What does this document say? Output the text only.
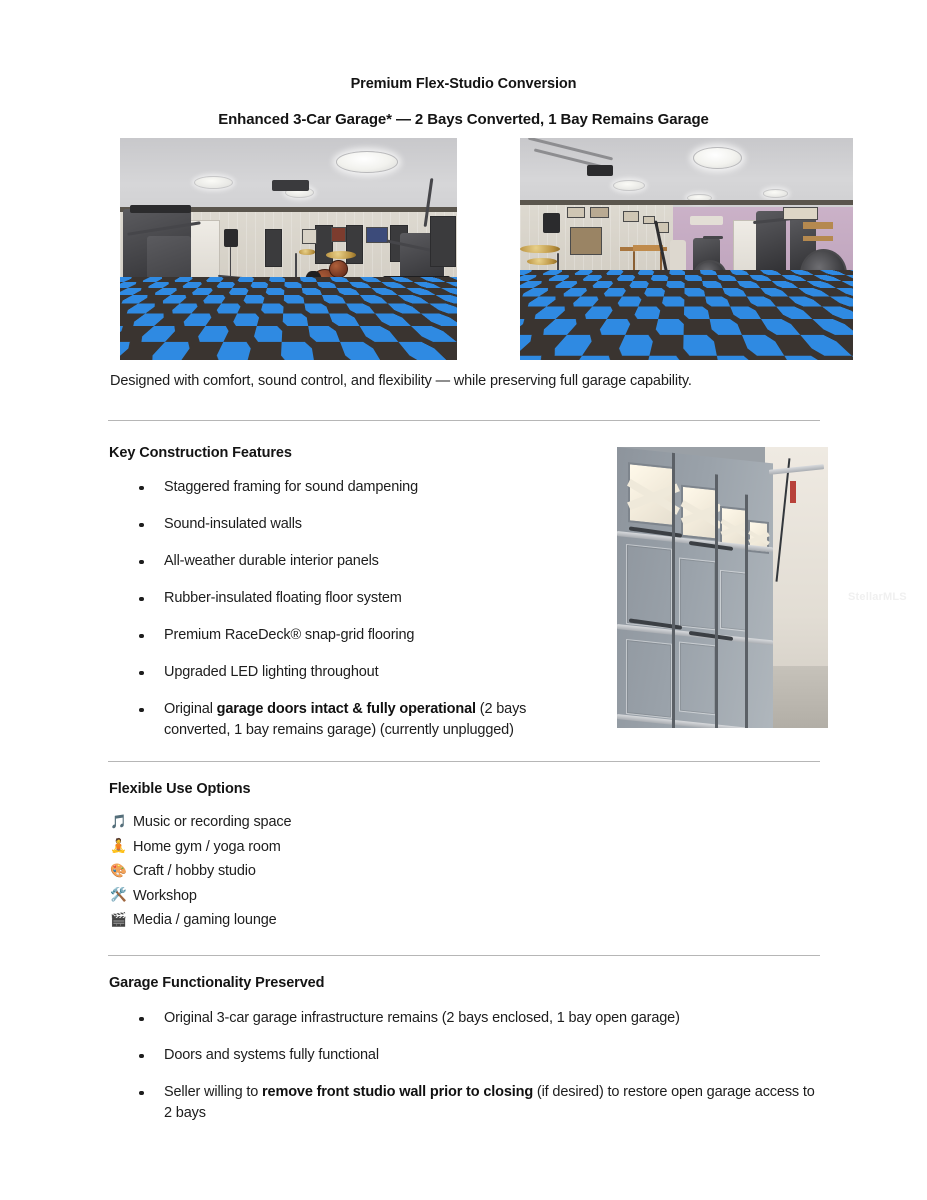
Premium Flex-Studio Conversion
Enhanced 3-Car Garage* — 2 Bays Converted, 1 Bay Remains Garage
Designed with comfort, sound control, and flexibility — while preserving full garage capability.
Key Construction Features
Staggered framing for sound dampening
Sound-insulated walls
All-weather durable interior panels
Rubber-insulated floating floor system
Premium RaceDeck® snap-grid flooring
Upgraded LED lighting throughout
Original garage doors intact & fully operational (2 bays converted, 1 bay remains garage) (currently unplugged)
StellarMLS
Flexible Use Options
🎵 Music or recording space
🧘 Home gym / yoga room
🎨 Craft / hobby studio
🛠️ Workshop
🎬 Media / gaming lounge
Garage Functionality Preserved
Original 3-car garage infrastructure remains (2 bays enclosed, 1 bay open garage)
Doors and systems fully functional
Seller willing to remove front studio wall prior to closing (if desired) to restore open garage access to 2 bays
